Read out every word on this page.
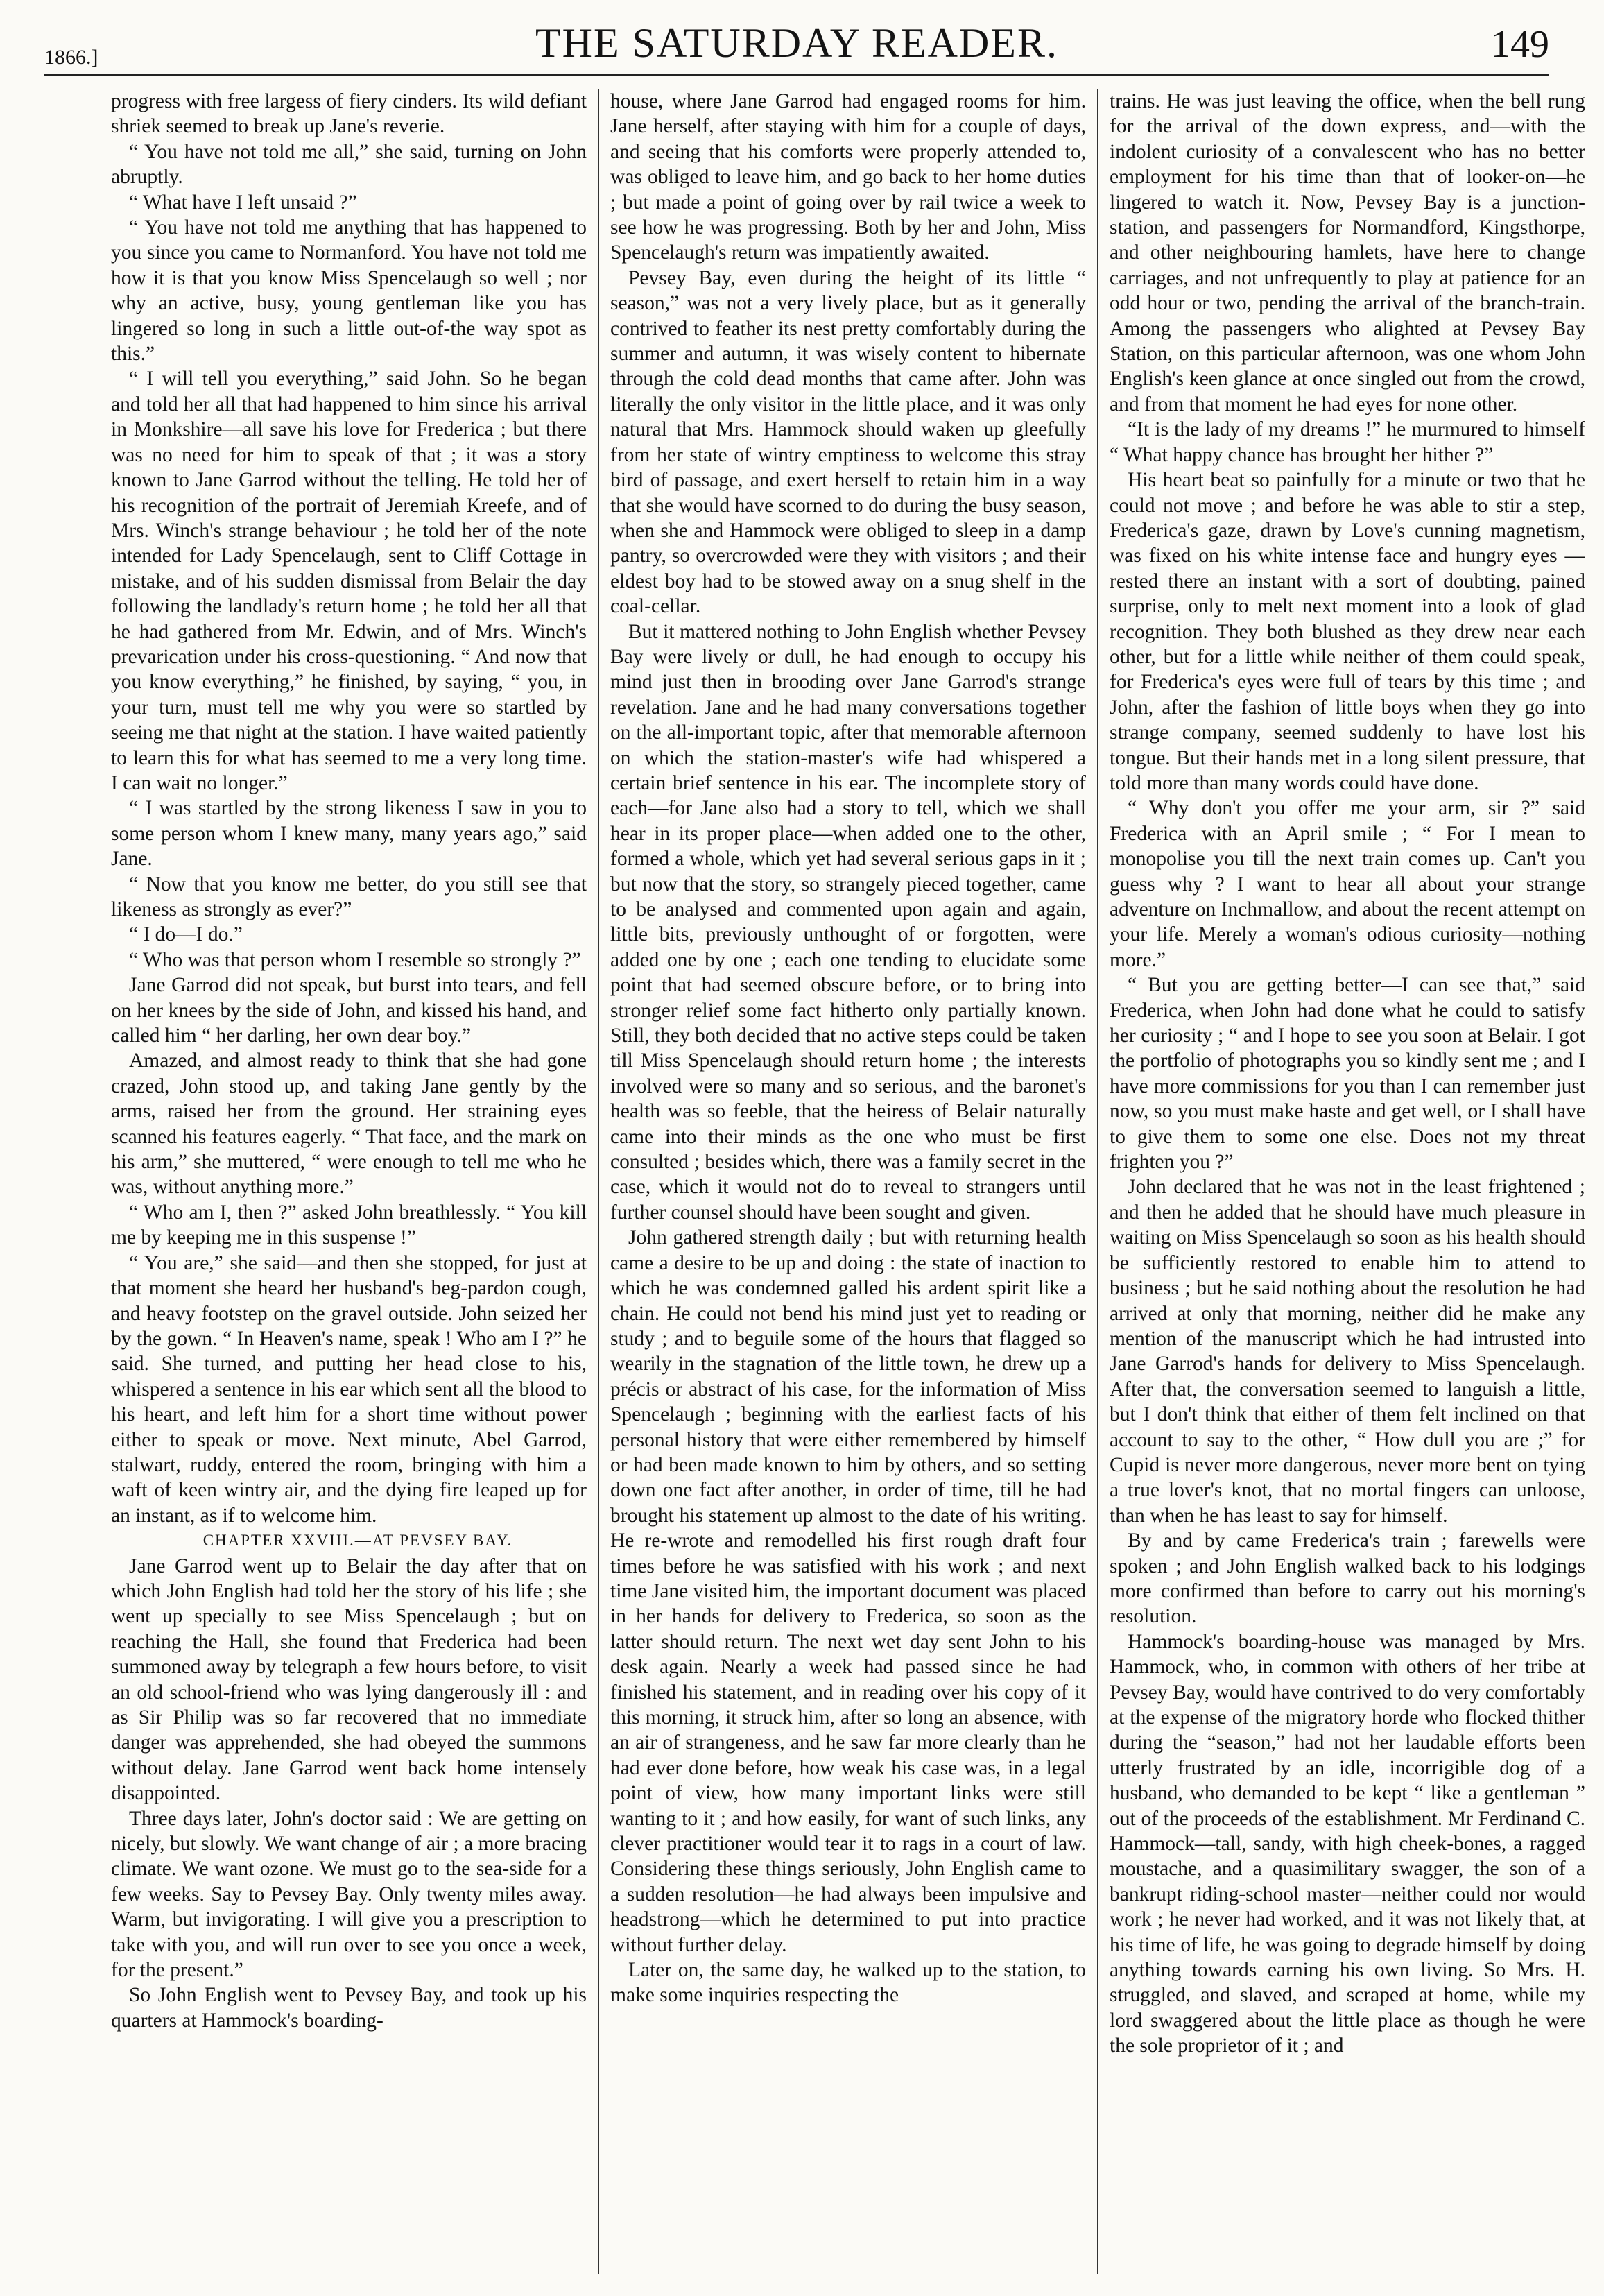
1866.]	THE SATURDAY READER.	149

progress with free largess of fiery cinders. Its wild defiant shriek seemed to break up Jane's reverie.

“ You have not told me all,” she said, turning on John abruptly.

“ What have I left unsaid ?”

“ You have not told me anything that has happened to you since you came to Normanford. You have not told me how it is that you know Miss Spencelaugh so well ; nor why an active, busy, young gentleman like you has lingered so long in such a little out-of-the way spot as this.”

“ I will tell you everything,” said John. So he began and told her all that had happened to him since his arrival in Monkshire—all save his love for Frederica ; but there was no need for him to speak of that ; it was a story known to Jane Garrod without the telling. He told her of his recognition of the portrait of Jeremiah Kreefe, and of Mrs. Winch's strange behaviour ; he told her of the note intended for Lady Spencelaugh, sent to Cliff Cottage in mistake, and of his sudden dismissal from Belair the day following the landlady's return home ; he told her all that he had gathered from Mr. Edwin, and of Mrs. Winch's prevarication under his cross-questioning. “ And now that you know everything,” he finished, by saying, “ you, in your turn, must tell me why you were so startled by seeing me that night at the station. I have waited patiently to learn this for what has seemed to me a very long time. I can wait no longer.”

“ I was startled by the strong likeness I saw in you to some person whom I knew many, many years ago,” said Jane.

“ Now that you know me better, do you still see that likeness as strongly as ever?”

“ I do—I do.”

“ Who was that person whom I resemble so strongly ?”

Jane Garrod did not speak, but burst into tears, and fell on her knees by the side of John, and kissed his hand, and called him “ her darling, her own dear boy.”

Amazed, and almost ready to think that she had gone crazed, John stood up, and taking Jane gently by the arms, raised her from the ground. Her straining eyes scanned his features eagerly. “ That face, and the mark on his arm,” she muttered, “ were enough to tell me who he was, without anything more.”

“ Who am I, then ?” asked John breathlessly. “ You kill me by keeping me in this suspense !”

“ You are,” she said—and then she stopped, for just at that moment she heard her husband's beg-pardon cough, and heavy footstep on the gravel outside. John seized her by the gown. “ In Heaven's name, speak ! Who am I ?” he said. She turned, and putting her head close to his, whispered a sentence in his ear which sent all the blood to his heart, and left him for a short time without power either to speak or move. Next minute, Abel Garrod, stalwart, ruddy, entered the room, bringing with him a waft of keen wintry air, and the dying fire leaped up for an instant, as if to welcome him.

CHAPTER XXVIII.—AT PEVSEY BAY.

Jane Garrod went up to Belair the day after that on which John English had told her the story of his life ; she went up specially to see Miss Spencelaugh ; but on reaching the Hall, she found that Frederica had been summoned away by telegraph a few hours before, to visit an old school-friend who was lying dangerously ill : and as Sir Philip was so far recovered that no immediate danger was apprehended, she had obeyed the summons without delay. Jane Garrod went back home intensely disappointed.

Three days later, John's doctor said : We are getting on nicely, but slowly. We want change of air ; a more bracing climate. We want ozone. We must go to the sea-side for a few weeks. Say to Pevsey Bay. Only twenty miles away. Warm, but invigorating. I will give you a prescription to take with you, and will run over to see you once a week, for the present.”

So John English went to Pevsey Bay, and took up his quarters at Hammock's boarding-

house, where Jane Garrod had engaged rooms for him. Jane herself, after staying with him for a couple of days, and seeing that his comforts were properly attended to, was obliged to leave him, and go back to her home duties ; but made a point of going over by rail twice a week to see how he was progressing. Both by her and John, Miss Spencelaugh's return was impatiently awaited.

Pevsey Bay, even during the height of its little “ season,” was not a very lively place, but as it generally contrived to feather its nest pretty comfortably during the summer and autumn, it was wisely content to hibernate through the cold dead months that came after. John was literally the only visitor in the little place, and it was only natural that Mrs. Hammock should waken up gleefully from her state of wintry emptiness to welcome this stray bird of passage, and exert herself to retain him in a way that she would have scorned to do during the busy season, when she and Hammock were obliged to sleep in a damp pantry, so overcrowded were they with visitors ; and their eldest boy had to be stowed away on a snug shelf in the coal-cellar.

But it mattered nothing to John English whether Pevsey Bay were lively or dull, he had enough to occupy his mind just then in brooding over Jane Garrod's strange revelation. Jane and he had many conversations together on the all-important topic, after that memorable afternoon on which the station-master's wife had whispered a certain brief sentence in his ear. The incomplete story of each—for Jane also had a story to tell, which we shall hear in its proper place—when added one to the other, formed a whole, which yet had several serious gaps in it ; but now that the story, so strangely pieced together, came to be analysed and commented upon again and again, little bits, previously unthought of or forgotten, were added one by one ; each one tending to elucidate some point that had seemed obscure before, or to bring into stronger relief some fact hitherto only partially known. Still, they both decided that no active steps could be taken till Miss Spencelaugh should return home ; the interests involved were so many and so serious, and the baronet's health was so feeble, that the heiress of Belair naturally came into their minds as the one who must be first consulted ; besides which, there was a family secret in the case, which it would not do to reveal to strangers until further counsel should have been sought and given.

John gathered strength daily ; but with returning health came a desire to be up and doing : the state of inaction to which he was condemned galled his ardent spirit like a chain. He could not bend his mind just yet to reading or study ; and to beguile some of the hours that flagged so wearily in the stagnation of the little town, he drew up a précis or abstract of his case, for the information of Miss Spencelaugh ; beginning with the earliest facts of his personal history that were either remembered by himself or had been made known to him by others, and so setting down one fact after another, in order of time, till he had brought his statement up almost to the date of his writing. He re-wrote and remodelled his first rough draft four times before he was satisfied with his work ; and next time Jane visited him, the important document was placed in her hands for delivery to Frederica, so soon as the latter should return. The next wet day sent John to his desk again. Nearly a week had passed since he had finished his statement, and in reading over his copy of it this morning, it struck him, after so long an absence, with an air of strangeness, and he saw far more clearly than he had ever done before, how weak his case was, in a legal point of view, how many important links were still wanting to it ; and how easily, for want of such links, any clever practitioner would tear it to rags in a court of law. Considering these things seriously, John English came to a sudden resolution—he had always been impulsive and headstrong—which he determined to put into practice without further delay.

Later on, the same day, he walked up to the station, to make some inquiries respecting the

trains. He was just leaving the office, when the bell rung for the arrival of the down express, and—with the indolent curiosity of a convalescent who has no better employment for his time than that of looker-on—he lingered to watch it. Now, Pevsey Bay is a junction-station, and passengers for Normandford, Kingsthorpe, and other neighbouring hamlets, have here to change carriages, and not unfrequently to play at patience for an odd hour or two, pending the arrival of the branch-train. Among the passengers who alighted at Pevsey Bay Station, on this particular afternoon, was one whom John English's keen glance at once singled out from the crowd, and from that moment he had eyes for none other.

“It is the lady of my dreams !” he murmured to himself “ What happy chance has brought her hither ?”

His heart beat so painfully for a minute or two that he could not move ; and before he was able to stir a step, Frederica's gaze, drawn by Love's cunning magnetism, was fixed on his white intense face and hungry eyes —rested there an instant with a sort of doubting, pained surprise, only to melt next moment into a look of glad recognition. They both blushed as they drew near each other, but for a little while neither of them could speak, for Frederica's eyes were full of tears by this time ; and John, after the fashion of little boys when they go into strange company, seemed suddenly to have lost his tongue. But their hands met in a long silent pressure, that told more than many words could have done.

“ Why don't you offer me your arm, sir ?” said Frederica with an April smile ; “ For I mean to monopolise you till the next train comes up. Can't you guess why ? I want to hear all about your strange adventure on Inchmallow, and about the recent attempt on your life. Merely a woman's odious curiosity—nothing more.”

“ But you are getting better—I can see that,” said Frederica, when John had done what he could to satisfy her curiosity ; “ and I hope to see you soon at Belair. I got the portfolio of photographs you so kindly sent me ; and I have more commissions for you than I can remember just now, so you must make haste and get well, or I shall have to give them to some one else. Does not my threat frighten you ?”

John declared that he was not in the least frightened ; and then he added that he should have much pleasure in waiting on Miss Spencelaugh so soon as his health should be sufficiently restored to enable him to attend to business ; but he said nothing about the resolution he had arrived at only that morning, neither did he make any mention of the manuscript which he had intrusted into Jane Garrod's hands for delivery to Miss Spencelaugh. After that, the conversation seemed to languish a little, but I don't think that either of them felt inclined on that account to say to the other, “ How dull you are ;” for Cupid is never more dangerous, never more bent on tying a true lover's knot, that no mortal fingers can unloose, than when he has least to say for himself.

By and by came Frederica's train ; farewells were spoken ; and John English walked back to his lodgings more confirmed than before to carry out his morning's resolution.

Hammock's boarding-house was managed by Mrs. Hammock, who, in common with others of her tribe at Pevsey Bay, would have contrived to do very comfortably at the expense of the migratory horde who flocked thither during the “season,” had not her laudable efforts been utterly frustrated by an idle, incorrigible dog of a husband, who demanded to be kept “ like a gentleman ” out of the proceeds of the establishment. Mr Ferdinand C. Hammock—tall, sandy, with high cheek-bones, a ragged moustache, and a quasimilitary swagger, the son of a bankrupt riding-school master—neither could nor would work ; he never had worked, and it was not likely that, at his time of life, he was going to degrade himself by doing anything towards earning his own living. So Mrs. H. struggled, and slaved, and scraped at home, while my lord swaggered about the little place as though he were the sole proprietor of it ; and
